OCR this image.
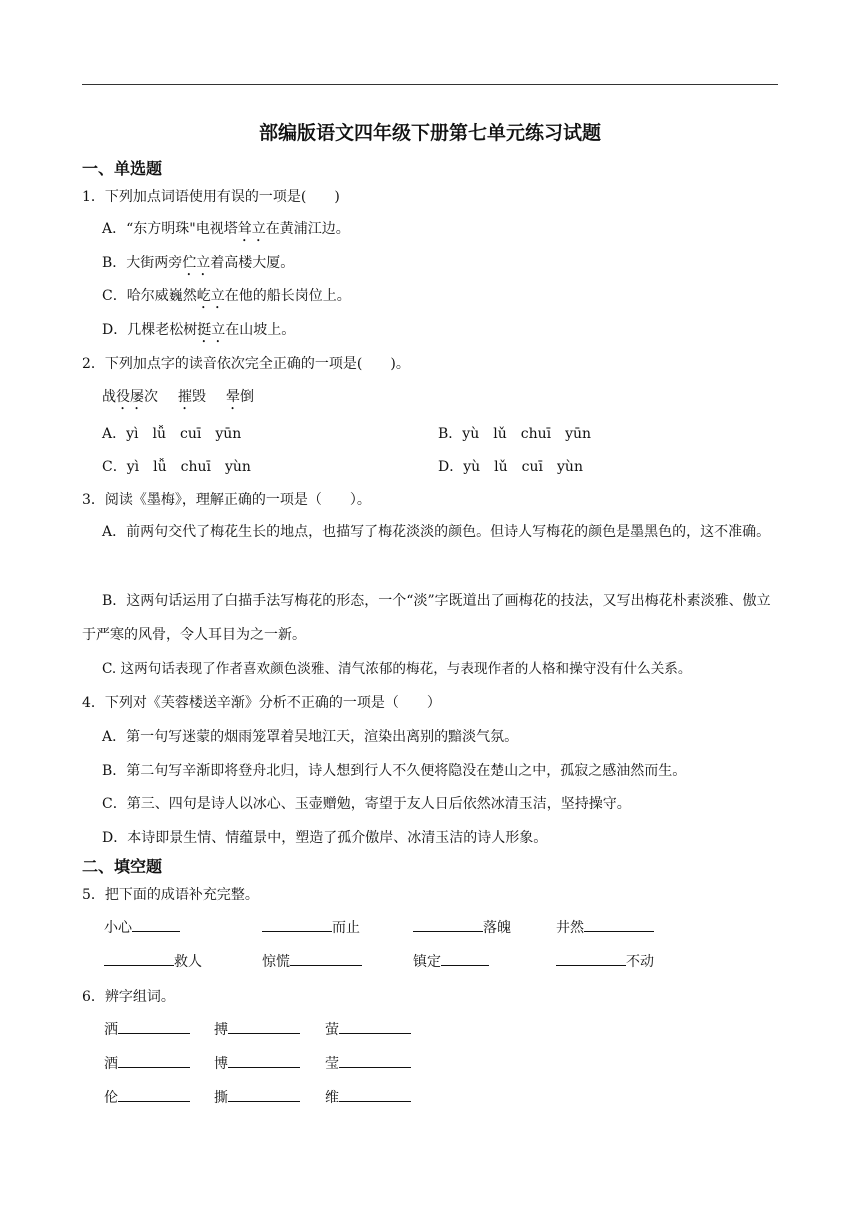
部编版语文四年级下册第七单元练习试题
一、单选题
1．下列加点词语使用有误的一项是(　　)
A．“东方明珠"电视塔耸立在黄浦江边。
B．大街两旁伫立着高楼大厦。
C．哈尔威巍然屹立在他的船长岗位上。
D．几棵老松树挺立在山坡上。
2．下列加点字的读音依次完全正确的一项是(　　)。
战役屡次 摧毁 晕倒
A．yì　 lǚ　 cuī　 yūn	B．yù　 lǔ　 chuī　 yūn
C．yì　 lǚ　 chuī　 yùn	D．yù　 lǔ　 cuī　 yùn
3．阅读《墨梅》，理解正确的一项是（　　）。
A．前两句交代了梅花生长的地点，也描写了梅花淡淡的颜色。但诗人写梅花的颜色是墨黑色的，这不准确。
B．这两句话运用了白描手法写梅花的形态，一个“淡”字既道出了画梅花的技法，又写出梅花朴素淡雅、傲立于严寒的风骨，令人耳目为之一新。
C. 这两句话表现了作者喜欢颜色淡雅、清气浓郁的梅花，与表现作者的人格和操守没有什么关系。
4．下列对《芙蓉楼送辛渐》分析不正确的一项是（　　）
A．第一句写迷蒙的烟雨笼罩着吴地江天，渲染出离别的黯淡气氛。
B．第二句写辛渐即将登舟北归，诗人想到行人不久便将隐没在楚山之中，孤寂之感油然而生。
C．第三、四句是诗人以冰心、玉壶赠勉，寄望于友人日后依然冰清玉洁，坚持操守。
D．本诗即景生情、情蕴景中，塑造了孤介傲岸、冰清玉洁的诗人形象。
二、填空题
5．把下面的成语补充完整。
小心	而止	落魄	井然
救人	惊慌	镇定	不动
6．辨字组词。
洒	搏	萤
酒	博	莹
伦	撕	维
